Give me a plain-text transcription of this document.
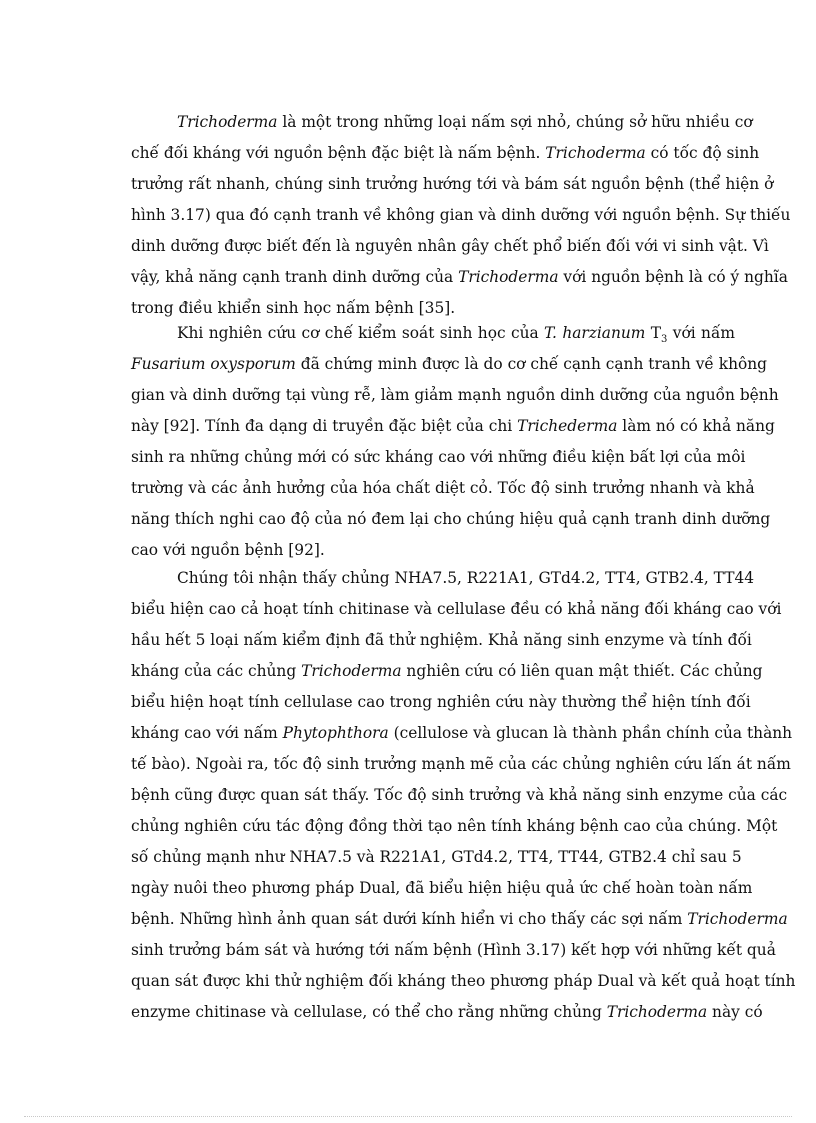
Trichoderma là một trong những loại nấm sợi nhỏ, chúng sở hữu nhiều cơ
chế đối kháng với nguồn bệnh đặc biệt là nấm bệnh. Trichoderma có tốc độ sinh
trưởng rất nhanh, chúng sinh trưởng hướng tới và bám sát nguồn bệnh (thể hiện ở
hình 3.17) qua đó cạnh tranh về không gian và dinh dưỡng với nguồn bệnh. Sự thiếu
dinh dưỡng được biết đến là nguyên nhân gây chết phổ biến đối với vi sinh vật. Vì
vậy, khả năng cạnh tranh dinh dưỡng của Trichoderma với nguồn bệnh là có ý nghĩa
trong điều khiển sinh học nấm bệnh [35].
Khi nghiên cứu cơ chế kiểm soát sinh học của T. harzianum $T_3$ với nấm
Fusarium oxysporum đã chứng minh được là do cơ chế cạnh cạnh tranh về không
gian và dinh dưỡng tại vùng rễ, làm giảm mạnh nguồn dinh dưỡng của nguồn bệnh
này [92]. Tính đa dạng di truyền đặc biệt của chi Trichederma làm nó có khả năng
sinh ra những chủng mới có sức kháng cao với những điều kiện bất lợi của môi
trường và các ảnh hưởng của hóa chất diệt cỏ. Tốc độ sinh trưởng nhanh và khả
năng thích nghi cao độ của nó đem lại cho chúng hiệu quả cạnh tranh dinh dưỡng
cao với nguồn bệnh [92].
Chúng tôi nhận thấy chủng NHA7.5, R221A1, GTd4.2, TT4, GTB2.4, TT44
biểu hiện cao cả hoạt tính chitinase và cellulase đều có khả năng đối kháng cao với
hầu hết 5 loại nấm kiểm định đã thử nghiệm. Khả năng sinh enzyme và tính đối
kháng của các chủng Trichoderma nghiên cứu có liên quan mật thiết. Các chủng
biểu hiện hoạt tính cellulase cao trong nghiên cứu này thường thể hiện tính đối
kháng cao với nấm Phytophthora (cellulose và glucan là thành phần chính của thành
tế bào). Ngoài ra, tốc độ sinh trưởng mạnh mẽ của các chủng nghiên cứu lấn át nấm
bệnh cũng được quan sát thấy. Tốc độ sinh trưởng và khả năng sinh enzyme của các
chủng nghiên cứu tác động đồng thời tạo nên tính kháng bệnh cao của chúng. Một
số chủng mạnh như NHA7.5 và R221A1, GTd4.2, TT4, TT44, GTB2.4 chỉ sau 5
ngày nuôi theo phương pháp Dual, đã biểu hiện hiệu quả ức chế hoàn toàn nấm
bệnh. Những hình ảnh quan sát dưới kính hiển vi cho thấy các sợi nấm Trichoderma
sinh trưởng bám sát và hướng tới nấm bệnh (Hình 3.17) kết hợp với những kết quả
quan sát được khi thử nghiệm đối kháng theo phương pháp Dual và kết quả hoạt tính
enzyme chitinase và cellulase, có thể cho rằng những chủng Trichoderma này có
